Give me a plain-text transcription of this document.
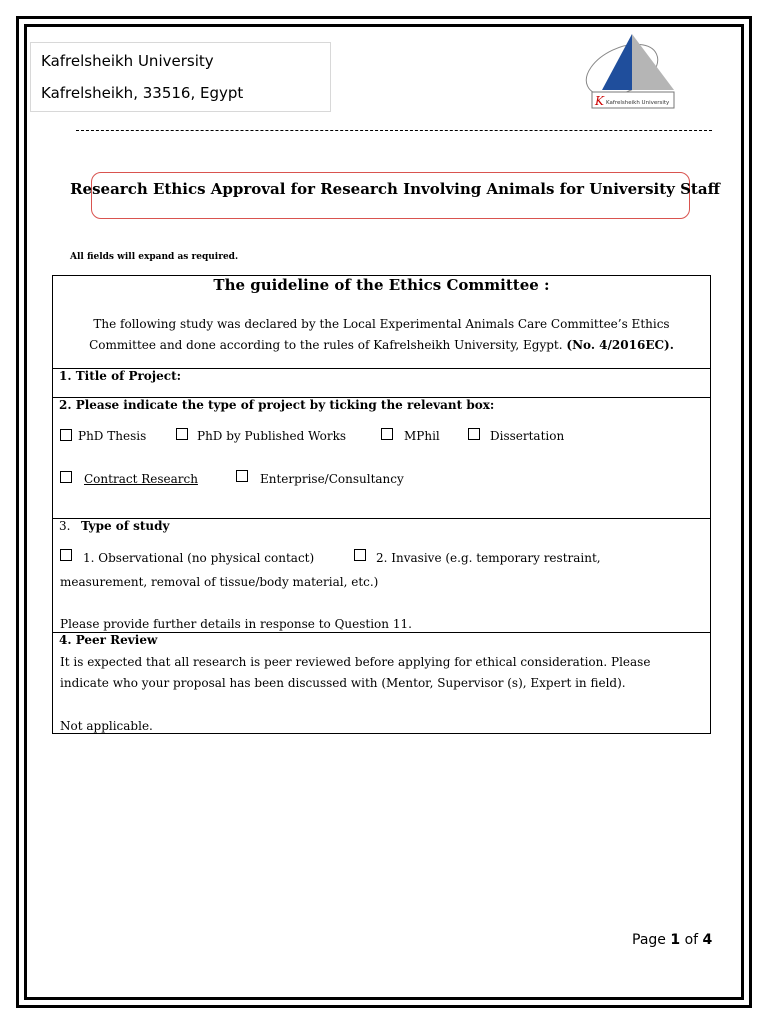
Kafrelsheikh University
Kafrelsheikh, 33516, Egypt	K Kafrelsheikh University
Research Ethics Approval for Research Involving Animals for University Staff
All fields will expand as required.
The guideline of the Ethics Committee :

The following study was declared by the Local Experimental Animals Care Committee’s Ethics Committee and done according to the rules of Kafrelsheikh University, Egypt. (No. 4/2016EC).

1. Title of Project:
2. Please indicate the type of project by ticking the relevant box:
PhD Thesis	PhD by Published Works	MPhil	Dissertation
Contract Research	Enterprise/Consultancy
3. Type of study
1. Observational (no physical contact)	2. Invasive (e.g. temporary restraint,
measurement, removal of tissue/body material, etc.)
Please provide further details in response to Question 11.
4. Peer Review
It is expected that all research is peer reviewed before applying for ethical consideration. Please
indicate who your proposal has been discussed with (Mentor, Supervisor (s), Expert in field).
Not applicable.
Page 1 of 4
